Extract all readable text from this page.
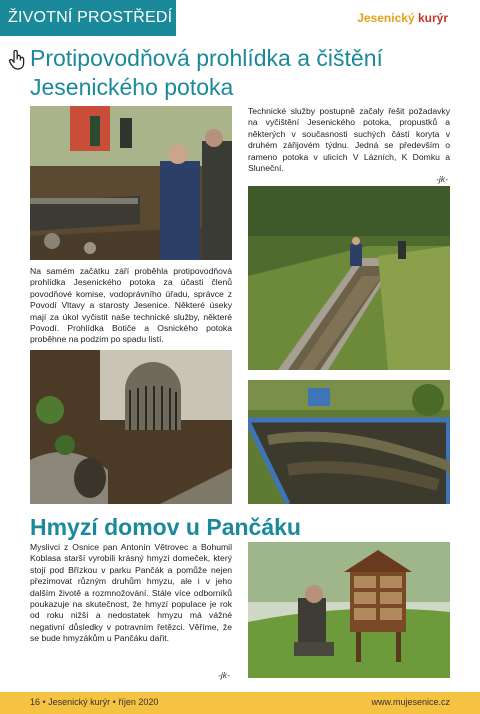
ŽIVOTNÍ PROSTŘEDÍ	Jesenický kurýr
Protipovodňová prohlídka a čištění Jesenického potoka

Technické služby postupně začaly řešit požadavky na vyčištění Jesenického potoka, propustků a některých v současnosti suchých částí koryta v druhém zářijovém týdnu. Jedná se především o rameno potoka v ulicích V Lázních, K Domku a Sluneční.

-jk-

Na samém začátku září proběhla protipovodňová prohlídka Jesenického potoka za účasti členů povodňové komise, vodoprávního úřadu, správce z Povodí Vltavy a starosty Jesenice. Některé úseky mají za úkol vyčistit naše technické služby, některé Povodí. Prohlídka Botiče a Osnického potoka proběhne na podzim po spadu listí.

Hmyzí domov u Pančáku

Myslivci z Osnice pan Antonín Větrovec a Bohumil Koblasa starší vyrobili krásný hmyzí domeček, který stojí pod Břízkou v parku Pančák a pomůže nejen přezimovat různým druhům hmyzu, ale i v jeho dalším životě a rozmnožování. Stále více odborníků poukazuje na skutečnost, že hmyzí populace je rok od roku nižší a nedostatek hmyzu má vážné negativní důsledky v potravním řetězci. Věříme, že se bude hmyzákům u Pančáku dařit.

-jk-
16 • Jesenický kurýr • říjen 2020	www.mujesenice.cz
